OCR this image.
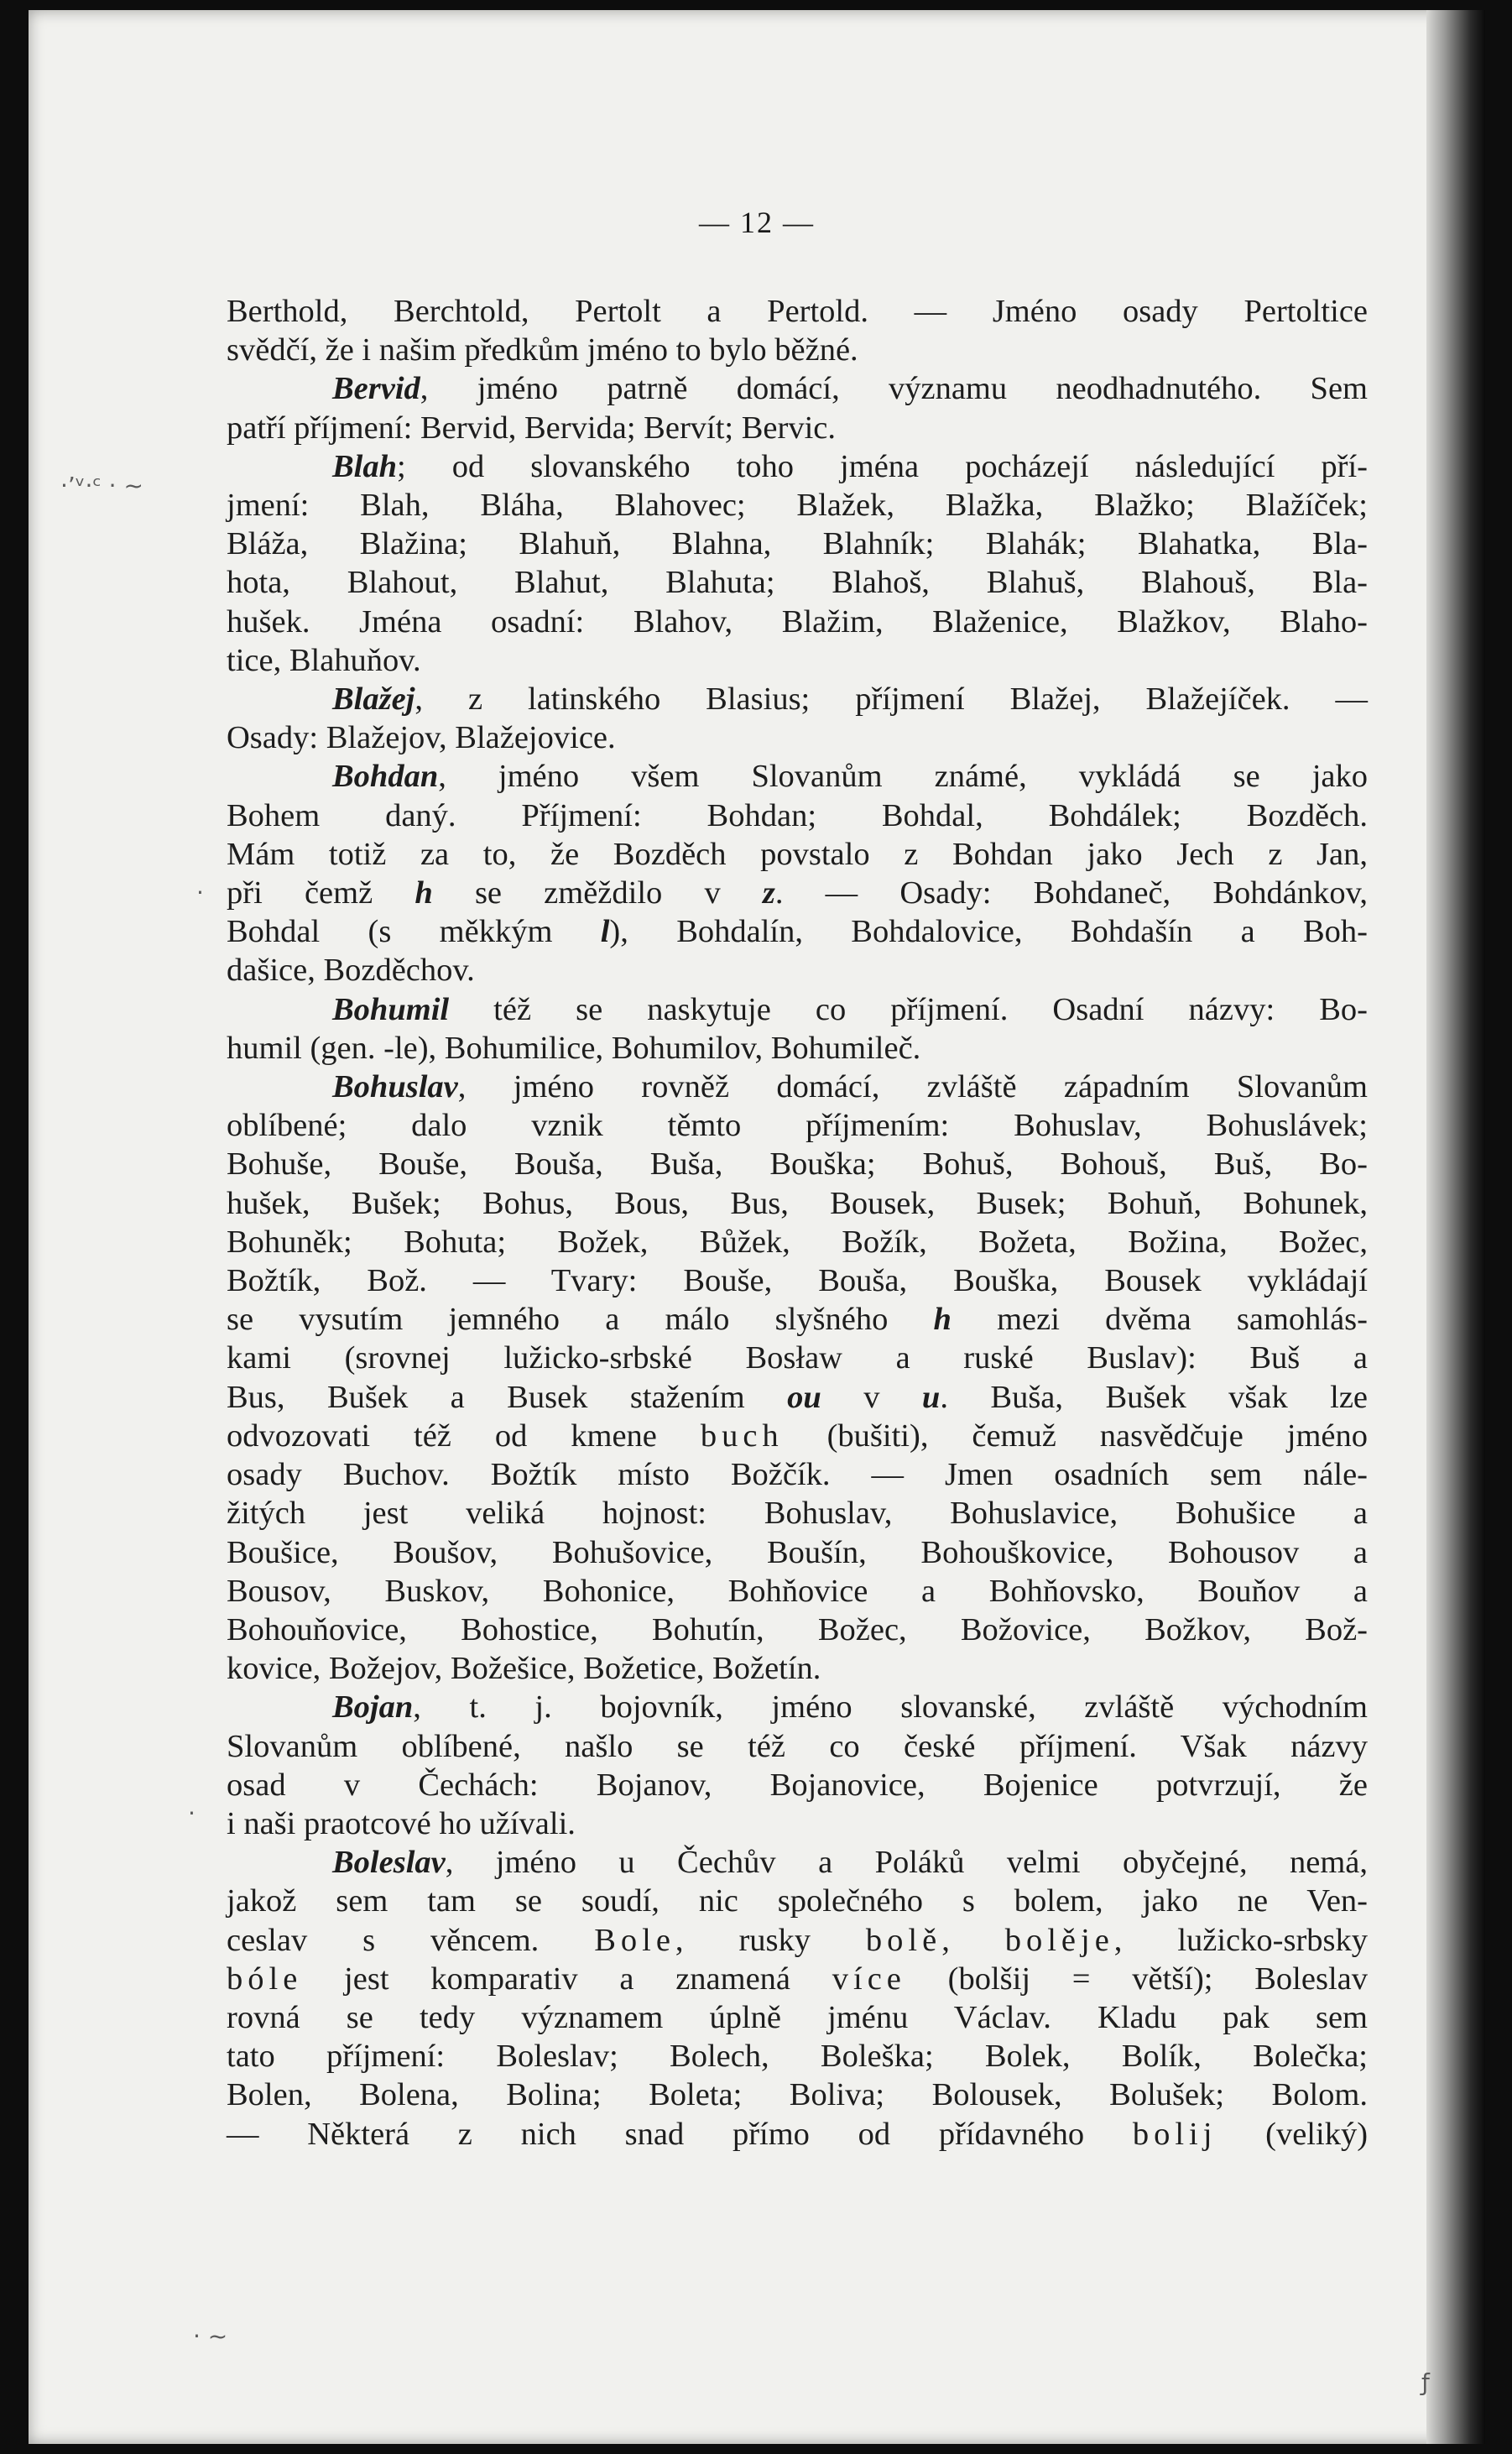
— 12 —
·’ᵛ·ᶜ · ~
·
·
· ~
ƒ
Berthold, Berchtold, Pertolt a Pertold. — Jméno osady Pertoltice
svědčí, že i našim předkům jméno to bylo běžné.
Bervid, jméno patrně domácí, významu neodhadnutého. Sem
patří příjmení: Bervid, Bervida; Bervít; Bervic.
Blah; od slovanského toho jména pocházejí následující pří-
jmení: Blah, Bláha, Blahovec; Blažek, Blažka, Blažko; Blažíček;
Bláža, Blažina; Blahuň, Blahna, Blahník; Blahák; Blahatka, Bla-
hota, Blahout, Blahut, Blahuta; Blahoš, Blahuš, Blahouš, Bla-
hušek. Jména osadní: Blahov, Blažim, Blaženice, Blažkov, Blaho-
tice, Blahuňov.
Blažej, z latinského Blasius; příjmení Blažej, Blažejíček. —
Osady: Blažejov, Blažejovice.
Bohdan, jméno všem Slovanům známé, vykládá se jako
Bohem daný. Příjmení: Bohdan; Bohdal, Bohdálek; Bozděch.
Mám totiž za to, že Bozděch povstalo z Bohdan jako Jech z Jan,
při čemž h se změždilo v z. — Osady: Bohdaneč, Bohdánkov,
Bohdal (s měkkým l), Bohdalín, Bohdalovice, Bohdašín a Boh-
dašice, Bozděchov.
Bohumil též se naskytuje co příjmení. Osadní názvy: Bo-
humil (gen. -le), Bohumilice, Bohumilov, Bohumileč.
Bohuslav, jméno rovněž domácí, zvláště západním Slovanům
oblíbené; dalo vznik těmto příjmením: Bohuslav, Bohuslávek;
Bohuše, Bouše, Bouša, Buša, Bouška; Bohuš, Bohouš, Buš, Bo-
hušek, Bušek; Bohus, Bous, Bus, Bousek, Busek; Bohuň, Bohunek,
Bohuněk; Bohuta; Božek, Bůžek, Božík, Božeta, Božina, Božec,
Božtík, Bož. — Tvary: Bouše, Bouša, Bouška, Bousek vykládají
se vysutím jemného a málo slyšného h mezi dvěma samohlás-
kami (srovnej lužicko-srbské Bosław a ruské Buslav): Buš a
Bus, Bušek a Busek stažením ou v u. Buša, Bušek však lze
odvozovati též od kmene buch (bušiti), čemuž nasvědčuje jméno
osady Buchov. Božtík místo Božčík. — Jmen osadních sem nále-
žitých jest veliká hojnost: Bohuslav, Bohuslavice, Bohušice a
Boušice, Boušov, Bohušovice, Boušín, Bohouškovice, Bohousov a
Bousov, Buskov, Bohonice, Bohňovice a Bohňovsko, Bouňov a
Bohouňovice, Bohostice, Bohutín, Božec, Božovice, Božkov, Bož-
kovice, Božejov, Božešice, Božetice, Božetín.
Bojan, t. j. bojovník, jméno slovanské, zvláště východním
Slovanům oblíbené, našlo se též co české příjmení. Však názvy
osad v Čechách: Bojanov, Bojanovice, Bojenice potvrzují, že
i naši praotcové ho užívali.
Boleslav, jméno u Čechův a Poláků velmi obyčejné, nemá,
jakož sem tam se soudí, nic společného s bolem, jako ne Ven-
ceslav s věncem. Bole, rusky bolě, bolěje, lužicko-srbsky
bóle jest komparativ a znamená více (bolšij = větší); Boleslav
rovná se tedy významem úplně jménu Václav. Kladu pak sem
tato příjmení: Boleslav; Bolech, Boleška; Bolek, Bolík, Bolečka;
Bolen, Bolena, Bolina; Boleta; Boliva; Bolousek, Bolušek; Bolom.
— Některá z nich snad přímo od přídavného bolij (veliký)
